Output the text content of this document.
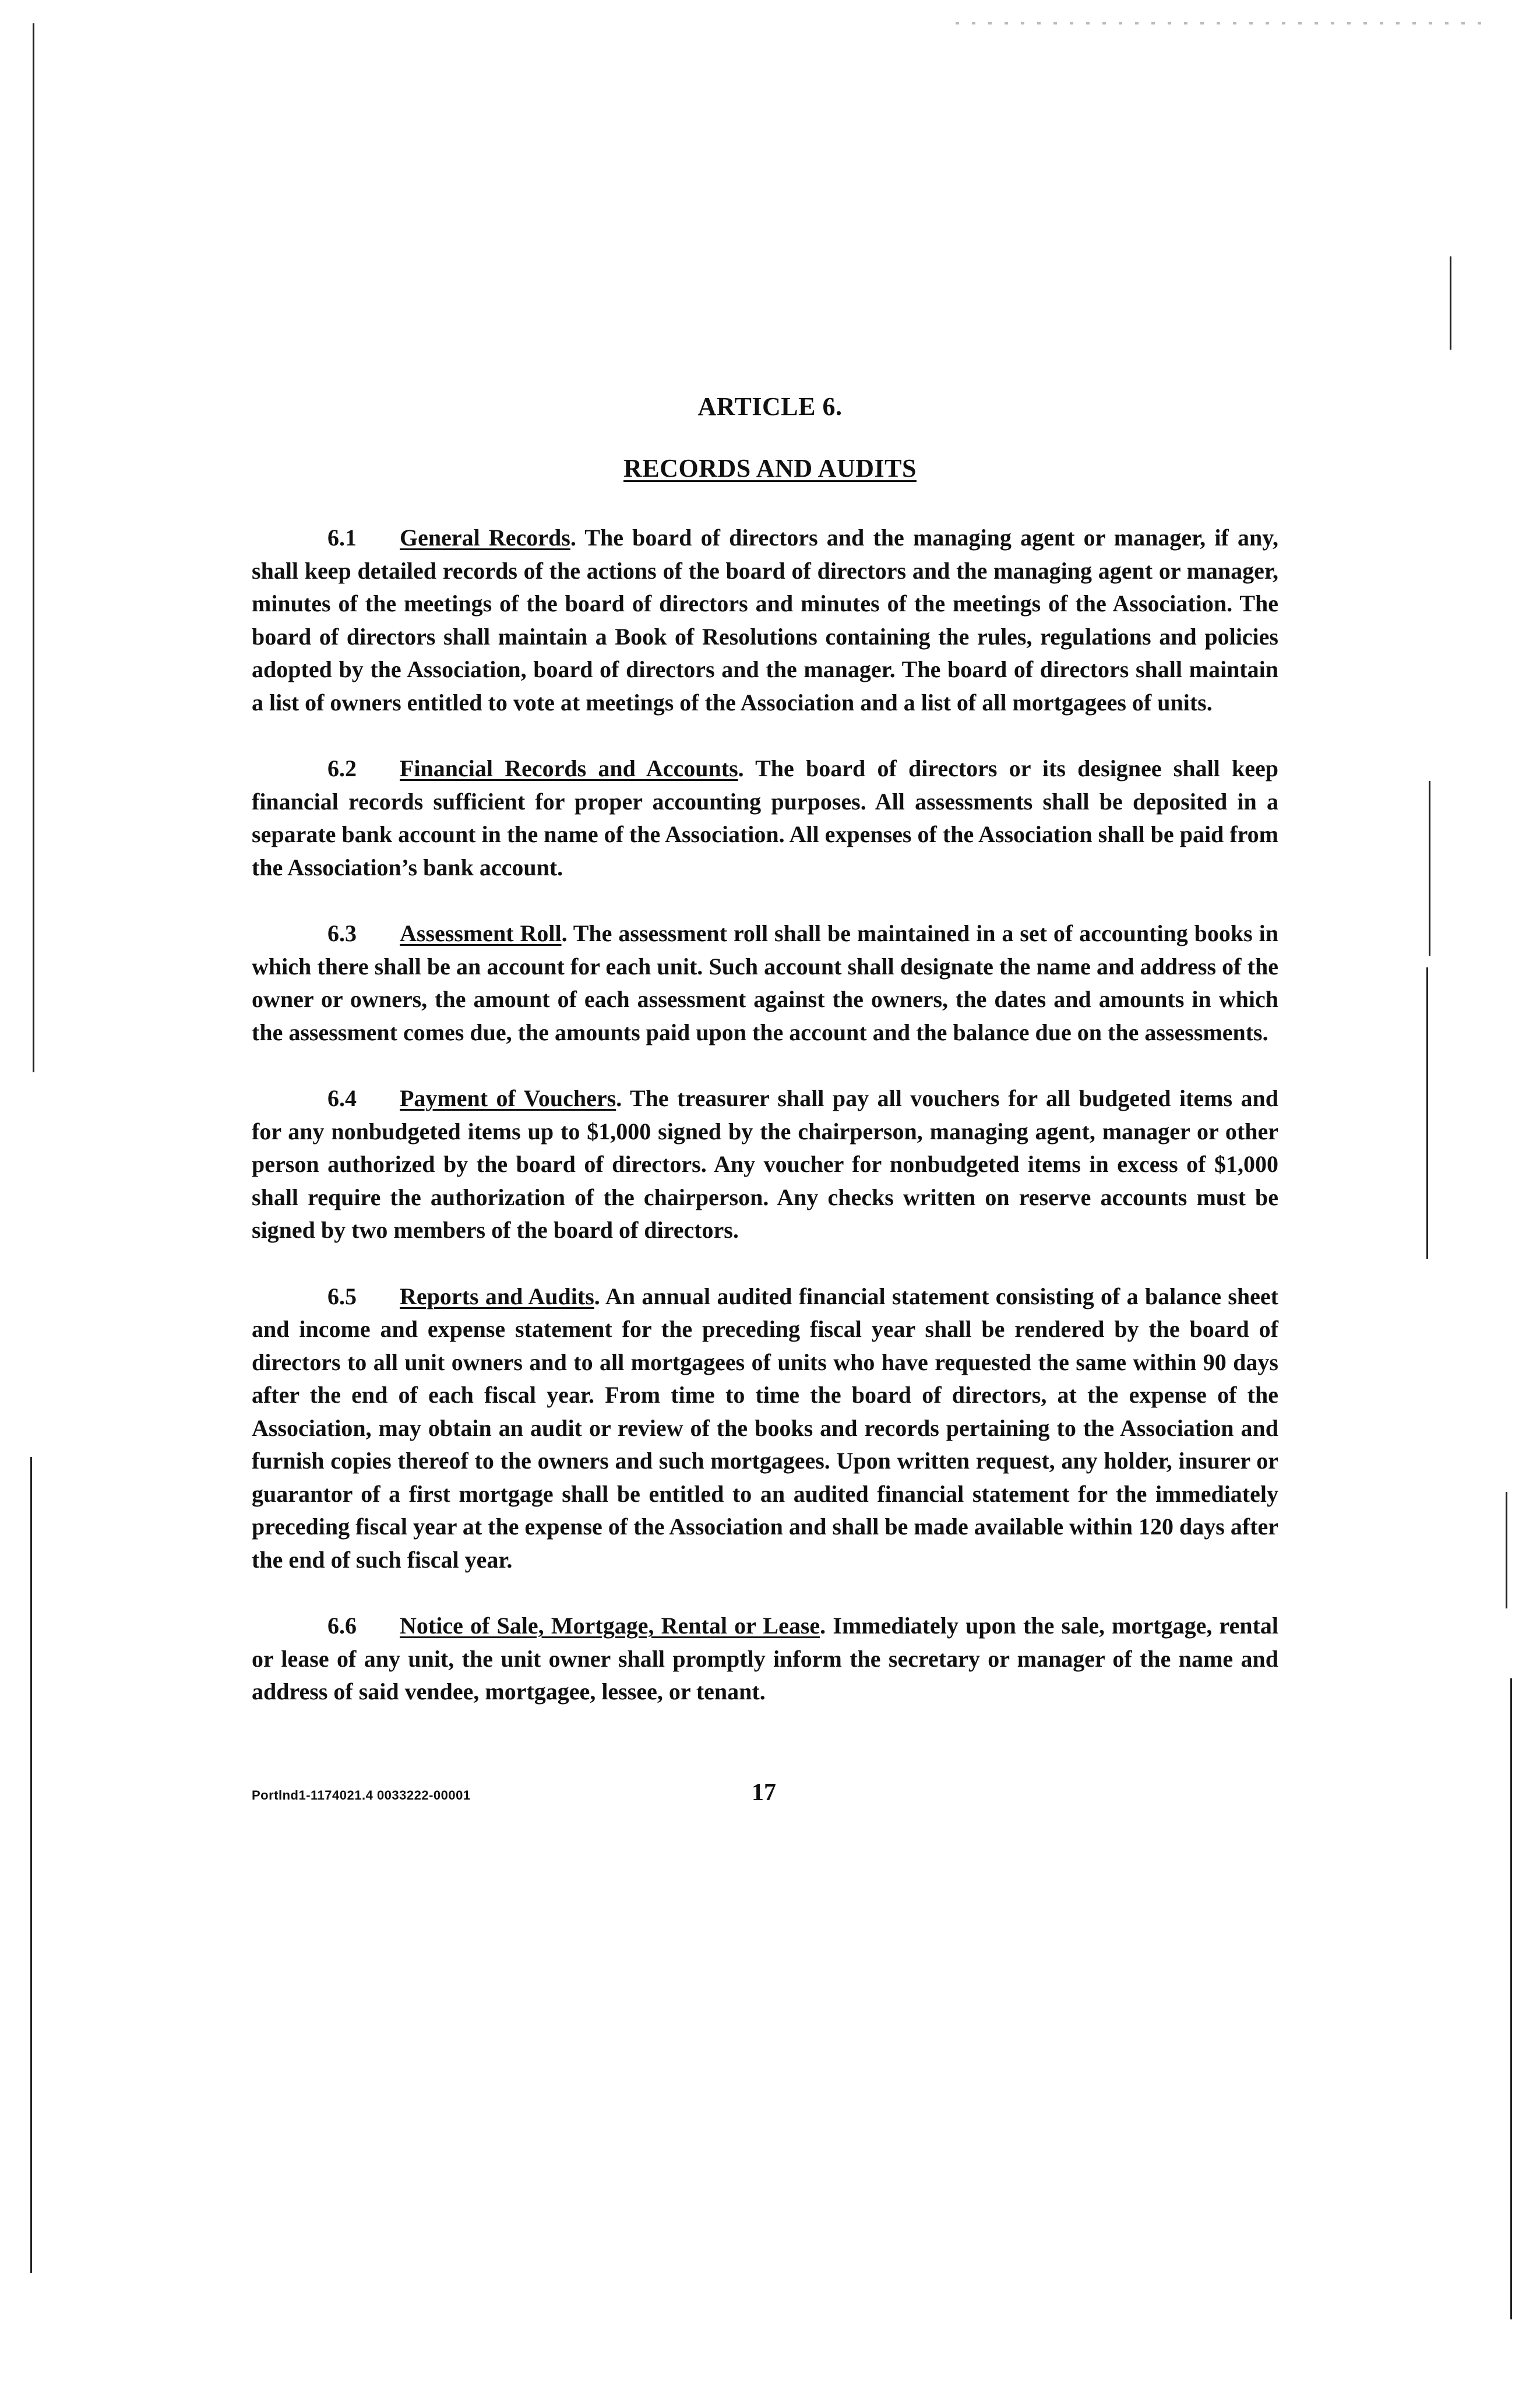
ARTICLE 6.
RECORDS AND AUDITS

6.1 General Records. The board of directors and the managing agent or manager, if any, shall keep detailed records of the actions of the board of directors and the managing agent or manager, minutes of the meetings of the board of directors and minutes of the meetings of the Association. The board of directors shall maintain a Book of Resolutions containing the rules, regulations and policies adopted by the Association, board of directors and the manager. The board of directors shall maintain a list of owners entitled to vote at meetings of the Association and a list of all mortgagees of units.

6.2 Financial Records and Accounts. The board of directors or its designee shall keep financial records sufficient for proper accounting purposes. All assessments shall be deposited in a separate bank account in the name of the Association. All expenses of the Association shall be paid from the Association’s bank account.

6.3 Assessment Roll. The assessment roll shall be maintained in a set of accounting books in which there shall be an account for each unit. Such account shall designate the name and address of the owner or owners, the amount of each assessment against the owners, the dates and amounts in which the assessment comes due, the amounts paid upon the account and the balance due on the assessments.

6.4 Payment of Vouchers. The treasurer shall pay all vouchers for all budgeted items and for any nonbudgeted items up to $1,000 signed by the chairperson, managing agent, manager or other person authorized by the board of directors. Any voucher for nonbudgeted items in excess of $1,000 shall require the authorization of the chairperson. Any checks written on reserve accounts must be signed by two members of the board of directors.

6.5 Reports and Audits. An annual audited financial statement consisting of a balance sheet and income and expense statement for the preceding fiscal year shall be rendered by the board of directors to all unit owners and to all mortgagees of units who have requested the same within 90 days after the end of each fiscal year. From time to time the board of directors, at the expense of the Association, may obtain an audit or review of the books and records pertaining to the Association and furnish copies thereof to the owners and such mortgagees. Upon written request, any holder, insurer or guarantor of a first mortgage shall be entitled to an audited financial statement for the immediately preceding fiscal year at the expense of the Association and shall be made available within 120 days after the end of such fiscal year.

6.6 Notice of Sale, Mortgage, Rental or Lease. Immediately upon the sale, mortgage, rental or lease of any unit, the unit owner shall promptly inform the secretary or manager of the name and address of said vendee, mortgagee, lessee, or tenant.

Portlnd1-1174021.4 0033222-00001	17
